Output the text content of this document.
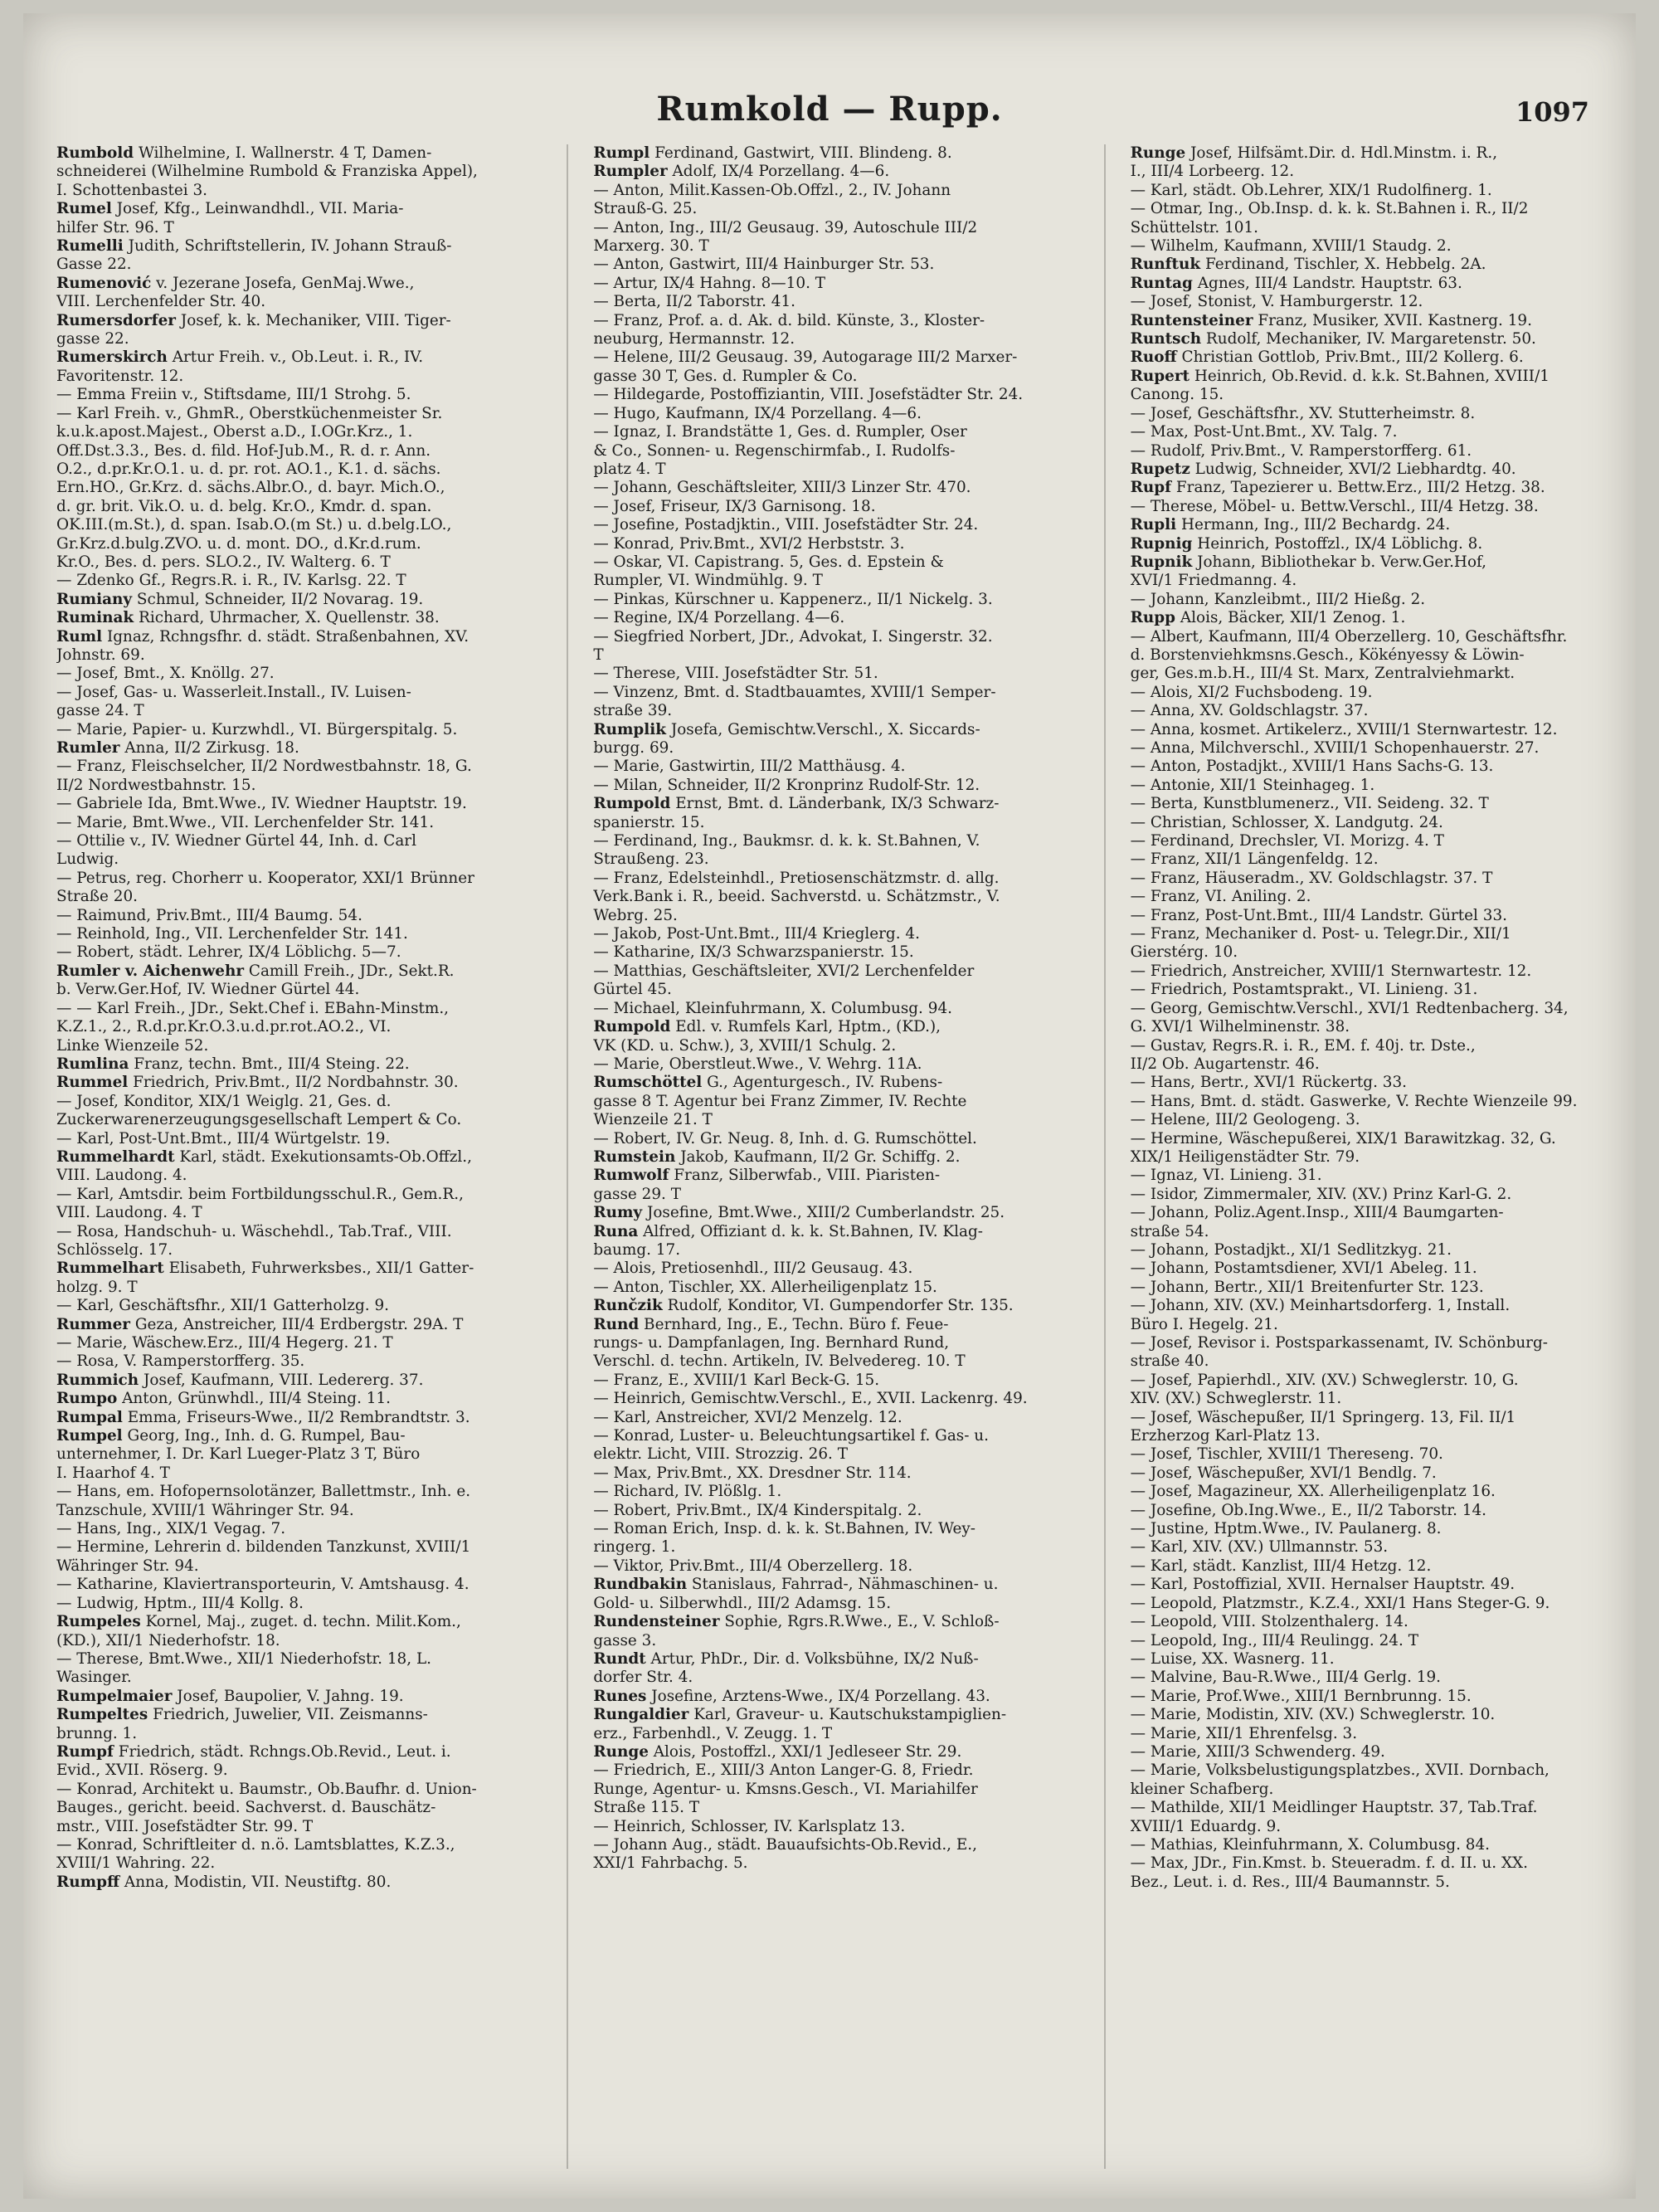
Rumkold — Rupp.	1097
Rumbold Wilhelmine, I. Wallnerstr. 4 T, Damen-
schneiderei (Wilhelmine Rumbold & Franziska Appel),
I. Schottenbastei 3.
Rumel Josef, Kfg., Leinwandhdl., VII. Maria-
hilfer Str. 96. T
Rumelli Judith, Schriftstellerin, IV. Johann Strauß-
Gasse 22.
Rumenović v. Jezerane Josefa, GenMaj.Wwe.,
VIII. Lerchenfelder Str. 40.
Rumersdorfer Josef, k. k. Mechaniker, VIII. Tiger-
gasse 22.
Rumerskirch Artur Freih. v., Ob.Leut. i. R., IV.
Favoritenstr. 12.
— Emma Freiin v., Stiftsdame, III/1 Strohg. 5.
— Karl Freih. v., GhmR., Oberstküchenmeister Sr.
k.u.k.apost.Majest., Oberst a.D., I.OGr.Krz., 1.
Off.Dst.3.3., Bes. d. fild. Hof-Jub.M., R. d. r. Ann.
O.2., d.pr.Kr.O.1. u. d. pr. rot. AO.1., K.1. d. sächs.
Ern.HO., Gr.Krz. d. sächs.Albr.O., d. bayr. Mich.O.,
d. gr. brit. Vik.O. u. d. belg. Kr.O., Kmdr. d. span.
OK.III.(m.St.), d. span. Isab.O.(m St.) u. d.belg.LO.,
Gr.Krz.d.bulg.ZVO. u. d. mont. DO., d.Kr.d.rum.
Kr.O., Bes. d. pers. SLO.2., IV. Walterg. 6. T
— Zdenko Gf., Regrs.R. i. R., IV. Karlsg. 22. T
Rumiany Schmul, Schneider, II/2 Novarag. 19.
Ruminak Richard, Uhrmacher, X. Quellenstr. 38.
Ruml Ignaz, Rchngsfhr. d. städt. Straßenbahnen, XV.
Johnstr. 69.
— Josef, Bmt., X. Knöllg. 27.
— Josef, Gas- u. Wasserleit.Install., IV. Luisen-
gasse 24. T
— Marie, Papier- u. Kurzwhdl., VI. Bürgerspitalg. 5.
Rumler Anna, II/2 Zirkusg. 18.
— Franz, Fleischselcher, II/2 Nordwestbahnstr. 18, G.
II/2 Nordwestbahnstr. 15.
— Gabriele Ida, Bmt.Wwe., IV. Wiedner Hauptstr. 19.
— Marie, Bmt.Wwe., VII. Lerchenfelder Str. 141.
— Ottilie v., IV. Wiedner Gürtel 44, Inh. d. Carl
Ludwig.
— Petrus, reg. Chorherr u. Kooperator, XXI/1 Brünner
Straße 20.
— Raimund, Priv.Bmt., III/4 Baumg. 54.
— Reinhold, Ing., VII. Lerchenfelder Str. 141.
— Robert, städt. Lehrer, IX/4 Löblichg. 5—7.
Rumler v. Aichenwehr Camill Freih., JDr., Sekt.R.
b. Verw.Ger.Hof, IV. Wiedner Gürtel 44.
— — Karl Freih., JDr., Sekt.Chef i. EBahn-Minstm.,
K.Z.1., 2., R.d.pr.Kr.O.3.u.d.pr.rot.AO.2., VI.
Linke Wienzeile 52.
Rumlina Franz, techn. Bmt., III/4 Steing. 22.
Rummel Friedrich, Priv.Bmt., II/2 Nordbahnstr. 30.
— Josef, Konditor, XIX/1 Weiglg. 21, Ges. d.
Zuckerwarenerzeugungsgesellschaft Lempert & Co.
— Karl, Post-Unt.Bmt., III/4 Würtgelstr. 19.
Rummelhardt Karl, städt. Exekutionsamts-Ob.Offzl.,
VIII. Laudong. 4.
— Karl, Amtsdir. beim Fortbildungsschul.R., Gem.R.,
VIII. Laudong. 4. T
— Rosa, Handschuh- u. Wäschehdl., Tab.Traf., VIII.
Schlösselg. 17.
Rummelhart Elisabeth, Fuhrwerksbes., XII/1 Gatter-
holzg. 9. T
— Karl, Geschäftsfhr., XII/1 Gatterholzg. 9.
Rummer Geza, Anstreicher, III/4 Erdbergstr. 29A. T
— Marie, Wäschew.Erz., III/4 Hegerg. 21. T
— Rosa, V. Ramperstorfferg. 35.
Rummich Josef, Kaufmann, VIII. Ledererg. 37.
Rumpo Anton, Grünwhdl., III/4 Steing. 11.
Rumpal Emma, Friseurs-Wwe., II/2 Rembrandtstr. 3.
Rumpel Georg, Ing., Inh. d. G. Rumpel, Bau-
unternehmer, I. Dr. Karl Lueger-Platz 3 T, Büro
I. Haarhof 4. T
— Hans, em. Hofopernsolotänzer, Ballettmstr., Inh. e.
Tanzschule, XVIII/1 Währinger Str. 94.
— Hans, Ing., XIX/1 Vegag. 7.
— Hermine, Lehrerin d. bildenden Tanzkunst, XVIII/1
Währinger Str. 94.
— Katharine, Klaviertransporteurin, V. Amtshausg. 4.
— Ludwig, Hptm., III/4 Kollg. 8.
Rumpeles Kornel, Maj., zuget. d. techn. Milit.Kom.,
(KD.), XII/1 Niederhofstr. 18.
— Therese, Bmt.Wwe., XII/1 Niederhofstr. 18, L.
Wasinger.
Rumpelmaier Josef, Baupolier, V. Jahng. 19.
Rumpeltes Friedrich, Juwelier, VII. Zeismanns-
brunng. 1.
Rumpf Friedrich, städt. Rchngs.Ob.Revid., Leut. i.
Evid., XVII. Röserg. 9.
— Konrad, Architekt u. Baumstr., Ob.Baufhr. d. Union-
Bauges., gericht. beeid. Sachverst. d. Bauschätz-
mstr., VIII. Josefstädter Str. 99. T
— Konrad, Schriftleiter d. n.ö. Lamtsblattes, K.Z.3.,
XVIII/1 Wahring. 22.
Rumpff Anna, Modistin, VII. Neustiftg. 80.
Rumpl Ferdinand, Gastwirt, VIII. Blindeng. 8.
Rumpler Adolf, IX/4 Porzellang. 4—6.
— Anton, Milit.Kassen-Ob.Offzl., 2., IV. Johann
Strauß-G. 25.
— Anton, Ing., III/2 Geusaug. 39, Autoschule III/2
Marxerg. 30. T
— Anton, Gastwirt, III/4 Hainburger Str. 53.
— Artur, IX/4 Hahng. 8—10. T
— Berta, II/2 Taborstr. 41.
— Franz, Prof. a. d. Ak. d. bild. Künste, 3., Kloster-
neuburg, Hermannstr. 12.
— Helene, III/2 Geusaug. 39, Autogarage III/2 Marxer-
gasse 30 T, Ges. d. Rumpler & Co.
— Hildegarde, Postoffiziantin, VIII. Josefstädter Str. 24.
— Hugo, Kaufmann, IX/4 Porzellang. 4—6.
— Ignaz, I. Brandstätte 1, Ges. d. Rumpler, Oser
& Co., Sonnen- u. Regenschirmfab., I. Rudolfs-
platz 4. T
— Johann, Geschäftsleiter, XIII/3 Linzer Str. 470.
— Josef, Friseur, IX/3 Garnisong. 18.
— Josefine, Postadjktin., VIII. Josefstädter Str. 24.
— Konrad, Priv.Bmt., XVI/2 Herbststr. 3.
— Oskar, VI. Capistrang. 5, Ges. d. Epstein &
Rumpler, VI. Windmühlg. 9. T
— Pinkas, Kürschner u. Kappenerz., II/1 Nickelg. 3.
— Regine, IX/4 Porzellang. 4—6.
— Siegfried Norbert, JDr., Advokat, I. Singerstr. 32.
T
— Therese, VIII. Josefstädter Str. 51.
— Vinzenz, Bmt. d. Stadtbauamtes, XVIII/1 Semper-
straße 39.
Rumplik Josefa, Gemischtw.Verschl., X. Siccards-
burgg. 69.
— Marie, Gastwirtin, III/2 Matthäusg. 4.
— Milan, Schneider, II/2 Kronprinz Rudolf-Str. 12.
Rumpold Ernst, Bmt. d. Länderbank, IX/3 Schwarz-
spanierstr. 15.
— Ferdinand, Ing., Baukmsr. d. k. k. St.Bahnen, V.
Straußeng. 23.
— Franz, Edelsteinhdl., Pretiosenschätzmstr. d. allg.
Verk.Bank i. R., beeid. Sachverstd. u. Schätzmstr., V.
Webrg. 25.
— Jakob, Post-Unt.Bmt., III/4 Krieglerg. 4.
— Katharine, IX/3 Schwarzspanierstr. 15.
— Matthias, Geschäftsleiter, XVI/2 Lerchenfelder
Gürtel 45.
— Michael, Kleinfuhrmann, X. Columbusg. 94.
Rumpold Edl. v. Rumfels Karl, Hptm., (KD.),
VK (KD. u. Schw.), 3, XVIII/1 Schulg. 2.
— Marie, Oberstleut.Wwe., V. Wehrg. 11A.
Rumschöttel G., Agenturgesch., IV. Rubens-
gasse 8 T. Agentur bei Franz Zimmer, IV. Rechte
Wienzeile 21. T
— Robert, IV. Gr. Neug. 8, Inh. d. G. Rumschöttel.
Rumstein Jakob, Kaufmann, II/2 Gr. Schiffg. 2.
Rumwolf Franz, Silberwfab., VIII. Piaristen-
gasse 29. T
Rumy Josefine, Bmt.Wwe., XIII/2 Cumberlandstr. 25.
Runa Alfred, Offiziant d. k. k. St.Bahnen, IV. Klag-
baumg. 17.
— Alois, Pretiosenhdl., III/2 Geusaug. 43.
— Anton, Tischler, XX. Allerheiligenplatz 15.
Runčzik Rudolf, Konditor, VI. Gumpendorfer Str. 135.
Rund Bernhard, Ing., E., Techn. Büro f. Feue-
rungs- u. Dampfanlagen, Ing. Bernhard Rund,
Verschl. d. techn. Artikeln, IV. Belvedereg. 10. T
— Franz, E., XVIII/1 Karl Beck-G. 15.
— Heinrich, Gemischtw.Verschl., E., XVII. Lackenrg. 49.
— Karl, Anstreicher, XVI/2 Menzelg. 12.
— Konrad, Luster- u. Beleuchtungsartikel f. Gas- u.
elektr. Licht, VIII. Strozzig. 26. T
— Max, Priv.Bmt., XX. Dresdner Str. 114.
— Richard, IV. Plößlg. 1.
— Robert, Priv.Bmt., IX/4 Kinderspitalg. 2.
— Roman Erich, Insp. d. k. k. St.Bahnen, IV. Wey-
ringerg. 1.
— Viktor, Priv.Bmt., III/4 Oberzellerg. 18.
Rundbakin Stanislaus, Fahrrad-, Nähmaschinen- u.
Gold- u. Silberwhdl., III/2 Adamsg. 15.
Rundensteiner Sophie, Rgrs.R.Wwe., E., V. Schloß-
gasse 3.
Rundt Artur, PhDr., Dir. d. Volksbühne, IX/2 Nuß-
dorfer Str. 4.
Runes Josefine, Arztens-Wwe., IX/4 Porzellang. 43.
Rungaldier Karl, Graveur- u. Kautschukstampiglien-
erz., Farbenhdl., V. Zeugg. 1. T
Runge Alois, Postoffzl., XXI/1 Jedleseer Str. 29.
— Friedrich, E., XIII/3 Anton Langer-G. 8, Friedr.
Runge, Agentur- u. Kmsns.Gesch., VI. Mariahilfer
Straße 115. T
— Heinrich, Schlosser, IV. Karlsplatz 13.
— Johann Aug., städt. Bauaufsichts-Ob.Revid., E.,
XXI/1 Fahrbachg. 5.
Runge Josef, Hilfsämt.Dir. d. Hdl.Minstm. i. R.,
I., III/4 Lorbeerg. 12.
— Karl, städt. Ob.Lehrer, XIX/1 Rudolfinerg. 1.
— Otmar, Ing., Ob.Insp. d. k. k. St.Bahnen i. R., II/2
Schüttelstr. 101.
— Wilhelm, Kaufmann, XVIII/1 Staudg. 2.
Runftuk Ferdinand, Tischler, X. Hebbelg. 2A.
Runtag Agnes, III/4 Landstr. Hauptstr. 63.
— Josef, Stonist, V. Hamburgerstr. 12.
Runtensteiner Franz, Musiker, XVII. Kastnerg. 19.
Runtsch Rudolf, Mechaniker, IV. Margaretenstr. 50.
Ruoff Christian Gottlob, Priv.Bmt., III/2 Kollerg. 6.
Rupert Heinrich, Ob.Revid. d. k.k. St.Bahnen, XVIII/1
Canong. 15.
— Josef, Geschäftsfhr., XV. Stutterheimstr. 8.
— Max, Post-Unt.Bmt., XV. Talg. 7.
— Rudolf, Priv.Bmt., V. Ramperstorfferg. 61.
Rupetz Ludwig, Schneider, XVI/2 Liebhardtg. 40.
Rupf Franz, Tapezierer u. Bettw.Erz., III/2 Hetzg. 38.
— Therese, Möbel- u. Bettw.Verschl., III/4 Hetzg. 38.
Rupli Hermann, Ing., III/2 Bechardg. 24.
Rupnig Heinrich, Postoffzl., IX/4 Löblichg. 8.
Rupnik Johann, Bibliothekar b. Verw.Ger.Hof,
XVI/1 Friedmanng. 4.
— Johann, Kanzleibmt., III/2 Hießg. 2.
Rupp Alois, Bäcker, XII/1 Zenog. 1.
— Albert, Kaufmann, III/4 Oberzellerg. 10, Geschäftsfhr.
d. Borstenviehkmsns.Gesch., Kökényessy & Löwin-
ger, Ges.m.b.H., III/4 St. Marx, Zentralviehmarkt.
— Alois, XI/2 Fuchsbodeng. 19.
— Anna, XV. Goldschlagstr. 37.
— Anna, kosmet. Artikelerz., XVIII/1 Sternwartestr. 12.
— Anna, Milchverschl., XVIII/1 Schopenhauerstr. 27.
— Anton, Postadjkt., XVIII/1 Hans Sachs-G. 13.
— Antonie, XII/1 Steinhageg. 1.
— Berta, Kunstblumenerz., VII. Seideng. 32. T
— Christian, Schlosser, X. Landgutg. 24.
— Ferdinand, Drechsler, VI. Morizg. 4. T
— Franz, XII/1 Längenfeldg. 12.
— Franz, Häuseradm., XV. Goldschlagstr. 37. T
— Franz, VI. Aniling. 2.
— Franz, Post-Unt.Bmt., III/4 Landstr. Gürtel 33.
— Franz, Mechaniker d. Post- u. Telegr.Dir., XII/1
Gierstérg. 10.
— Friedrich, Anstreicher, XVIII/1 Sternwartestr. 12.
— Friedrich, Postamtsprakt., VI. Linieng. 31.
— Georg, Gemischtw.Verschl., XVI/1 Redtenbacherg. 34,
G. XVI/1 Wilhelminenstr. 38.
— Gustav, Regrs.R. i. R., EM. f. 40j. tr. Dste.,
II/2 Ob. Augartenstr. 46.
— Hans, Bertr., XVI/1 Rückertg. 33.
— Hans, Bmt. d. städt. Gaswerke, V. Rechte Wienzeile 99.
— Helene, III/2 Geologeng. 3.
— Hermine, Wäschepußerei, XIX/1 Barawitzkag. 32, G.
XIX/1 Heiligenstädter Str. 79.
— Ignaz, VI. Linieng. 31.
— Isidor, Zimmermaler, XIV. (XV.) Prinz Karl-G. 2.
— Johann, Poliz.Agent.Insp., XIII/4 Baumgarten-
straße 54.
— Johann, Postadjkt., XI/1 Sedlitzkyg. 21.
— Johann, Postamtsdiener, XVI/1 Abeleg. 11.
— Johann, Bertr., XII/1 Breitenfurter Str. 123.
— Johann, XIV. (XV.) Meinhartsdorferg. 1, Install.
Büro I. Hegelg. 21.
— Josef, Revisor i. Postsparkassenamt, IV. Schönburg-
straße 40.
— Josef, Papierhdl., XIV. (XV.) Schweglerstr. 10, G.
XIV. (XV.) Schweglerstr. 11.
— Josef, Wäschepußer, II/1 Springerg. 13, Fil. II/1
Erzherzog Karl-Platz 13.
— Josef, Tischler, XVIII/1 Thereseng. 70.
— Josef, Wäschepußer, XVI/1 Bendlg. 7.
— Josef, Magazineur, XX. Allerheiligenplatz 16.
— Josefine, Ob.Ing.Wwe., E., II/2 Taborstr. 14.
— Justine, Hptm.Wwe., IV. Paulanerg. 8.
— Karl, XIV. (XV.) Ullmannstr. 53.
— Karl, städt. Kanzlist, III/4 Hetzg. 12.
— Karl, Postoffizial, XVII. Hernalser Hauptstr. 49.
— Leopold, Platzmstr., K.Z.4., XXI/1 Hans Steger-G. 9.
— Leopold, VIII. Stolzenthalerg. 14.
— Leopold, Ing., III/4 Reulingg. 24. T
— Luise, XX. Wasnerg. 11.
— Malvine, Bau-R.Wwe., III/4 Gerlg. 19.
— Marie, Prof.Wwe., XIII/1 Bernbrunng. 15.
— Marie, Modistin, XIV. (XV.) Schweglerstr. 10.
— Marie, XII/1 Ehrenfelsg. 3.
— Marie, XIII/3 Schwenderg. 49.
— Marie, Volksbelustigungsplatzbes., XVII. Dornbach,
kleiner Schafberg.
— Mathilde, XII/1 Meidlinger Hauptstr. 37, Tab.Traf.
XVIII/1 Eduardg. 9.
— Mathias, Kleinfuhrmann, X. Columbusg. 84.
— Max, JDr., Fin.Kmst. b. Steueradm. f. d. II. u. XX.
Bez., Leut. i. d. Res., III/4 Baumannstr. 5.
